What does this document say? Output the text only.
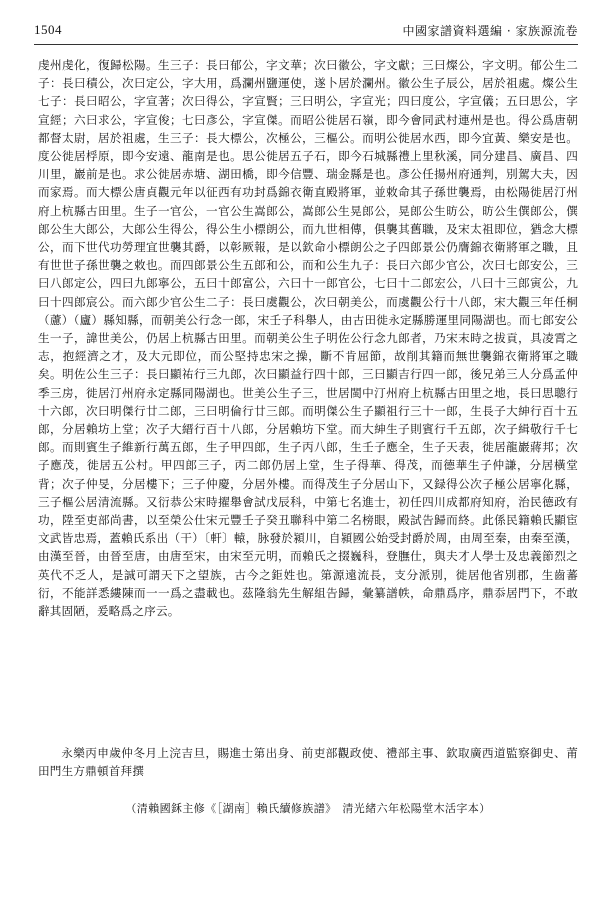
1504	中國家譜資料選編 · 家族源流卷

虔州虔化，復歸松陽。生三子：長曰郁公，字文華；次曰徽公，字文獻；三曰燦公，字文明。郁公生二子：長曰積公，次曰定公，字大用，爲瀾州鹽運使，遂卜居於瀾州。徽公生子辰公，居於祖處。燦公生七子：長曰昭公，字宣著；次曰得公，字宣賢；三曰明公，字宣光；四曰度公，字宣儀；五曰思公，字宣經；六曰求公，字宣俊；七曰彥公，字宣傑。而昭公徙居石嶺，即今會同武村連州是也。得公爲唐朝都督太尉，居於祖處，生三子：長大標公，次極公，三樞公。而明公徙居水西，即今宜黃、樂安是也。度公徙居桴原，即今安遠、龍南是也。思公徙居五子石，即今石城縣禮上里秋溪，同分建昌、廣昌、四川里，巖前是也。求公徙居赤塘、湖田橋，即今信豐、瑞金縣是也。彥公任揚州府通判，別駕大夫，因而家焉。而大標公唐貞觀元年以征西有功封爲錦衣衛直殿將軍，並敕命其子孫世襲焉，由松陽徙居汀州府上杭縣古田里。生子一官公，一官公生嵩郎公，嵩郎公生晃郎公，晃郎公生昉公，昉公生僎郎公，僎郎公生大郎公，大郎公生得公，得公生小標朗公，而九世相傳，俱襲其舊職，及宋太祖即位，猶念大標公，而下世代功勞理宜世襲其爵，以彰厥報，是以欽命小標朗公之子四郎景公仍膺錦衣衛將軍之職，且有世世子孫世襲之敕也。而四郎景公生五郎和公，而和公生九子：長曰六郎少官公，次曰七郎安公，三曰八郎定公，四曰九郎寧公，五曰十郎富公，六曰十一郎官公，七曰十二郎宏公，八曰十三郎寅公，九曰十四郎宸公。而六郎少官公生二子：長曰虞觀公，次曰朝美公，而虞觀公行十八郎，宋大觀三年任桐（藘）（廬）縣知縣，而朝美公行念一郎，宋壬子科舉人，由古田徙永定縣勝運里同陽湖也。而七郎安公生一子，諱世美公，仍居上杭縣古田里。而朝美公生子明佐公行念九郎者，乃宋末時之拔貢，具凌霄之志，抱經濟之才，及大元即位，而公堅持忠宋之操，斷不肯屈節，故削其籍而無世襲錦衣衛將軍之職矣。明佐公生三子：長曰顯祐行三九郎，次曰顯益行四十郎，三曰顯吉行四一郎，後兄弟三人分爲孟仲季三房，徙居汀州府永定縣同陽湖也。世美公生子三，世居閩中汀州府上杭縣古田里之地，長曰思聰行十六郎，次曰明傑行廿二郎，三曰明倫行廿三郎。而明傑公生子顯祖行三十一郎，生長子大紳行百十五郎，分居賴坊上堂；次子大縉行百十八郎，分居賴坊下堂。而大紳生子則賓行千五郎，次子緝敬行千七郎。而則賓生子維新行萬五郎，生子甲四郎，生子丙八郎，生壬子應全，生子天表，徙居龍巖蔣邦；次子應茂，徙居五公村。甲四郎三子，丙二郎仍居上堂，生子得華、得茂，而德華生子仲謙，分居橫堂背；次子仲旻，分居樓下；三子仲慶，分居外樓。而得茂生子分居山下，又録得公次子極公居寧化縣，三子樞公居清流縣。又衍恭公宋時擢舉會試戊辰科，中第七名進士，初任四川成都府知府，治民德政有功，陞至吏部尚書，以至榮公仕宋元豐壬子癸丑聯科中第二名榜眼，殿試告歸而終。此係民籍賴氏顯宦文武皆忠焉，蓋賴氏系出（干）〔軒〕轅，脉發於潁川，自潁國公始受封爵於周，由周至秦，由秦至漢，由漢至晉，由晉至唐，由唐至宋，由宋至元明，而賴氏之掇巍科，登膴仕，與夫才人學士及忠義節烈之英代不乏人，是誠可謂天下之望族，古今之鉅姓也。第源遠流長，支分派別，徙居他省別郡，生齒蕃衍，不能詳悉縷陳而一一爲之盡載也。茲隆翁先生解組告歸，彙纂譜帙，命鼎爲序，鼎忝居門下，不敢辭其固陋，爰略爲之序云。

永樂丙申歲仲冬月上浣吉旦，賜進士第出身、前吏部觀政使、禮部主事、欽取廣西道監察御史、莆田門生方鼎頓首拜撰
（清賴國鉌主修《［湖南］賴氏續修族譜》　清光緒六年松陽堂木活字本）
